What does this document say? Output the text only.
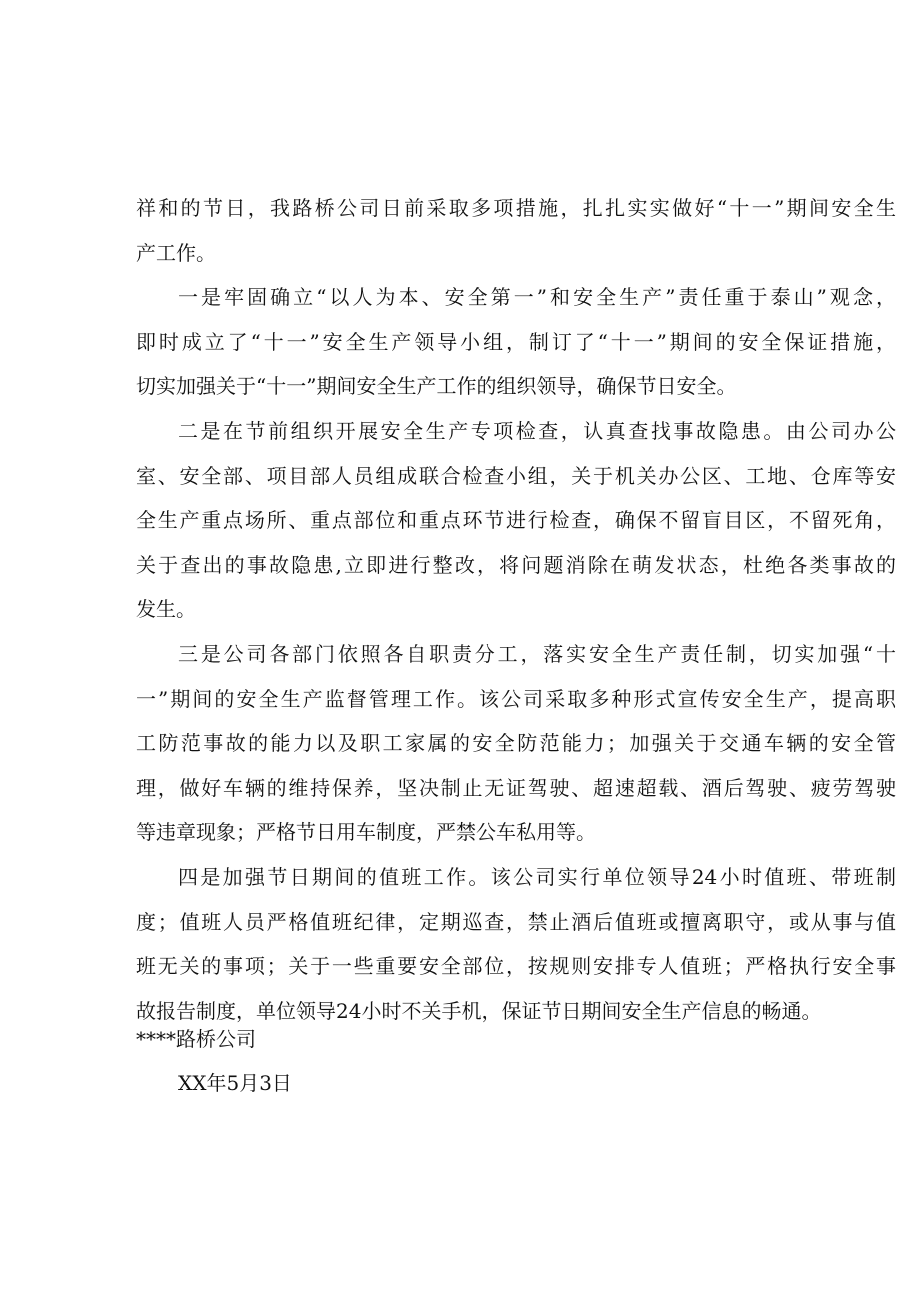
祥和的节日，我路桥公司日前采取多项措施，扎扎实实做好“十一”期间安全生
产工作。
一是牢固确立“以人为本、安全第一”和安全生产”责任重于泰山”观念，
即时成立了“十一”安全生产领导小组，制订了“十一”期间的安全保证措施，
切实加强关于“十一”期间安全生产工作的组织领导，确保节日安全。
二是在节前组织开展安全生产专项检查，认真查找事故隐患。由公司办公
室、安全部、项目部人员组成联合检查小组，关于机关办公区、工地、仓库等安
全生产重点场所、重点部位和重点环节进行检查，确保不留盲目区，不留死角，
关于查出的事故隐患,立即进行整改，将问题消除在萌发状态，杜绝各类事故的
发生。
三是公司各部门依照各自职责分工，落实安全生产责任制，切实加强“十
一”期间的安全生产监督管理工作。该公司采取多种形式宣传安全生产，提高职
工防范事故的能力以及职工家属的安全防范能力；加强关于交通车辆的安全管
理，做好车辆的维持保养，坚决制止无证驾驶、超速超载、酒后驾驶、疲劳驾驶
等违章现象；严格节日用车制度，严禁公车私用等。
四是加强节日期间的值班工作。该公司实行单位领导24小时值班、带班制
度；值班人员严格值班纪律，定期巡查，禁止酒后值班或擅离职守，或从事与值
班无关的事项；关于一些重要安全部位，按规则安排专人值班；严格执行安全事
故报告制度，单位领导24小时不关手机，保证节日期间安全生产信息的畅通。
****路桥公司
XX年5月3日
